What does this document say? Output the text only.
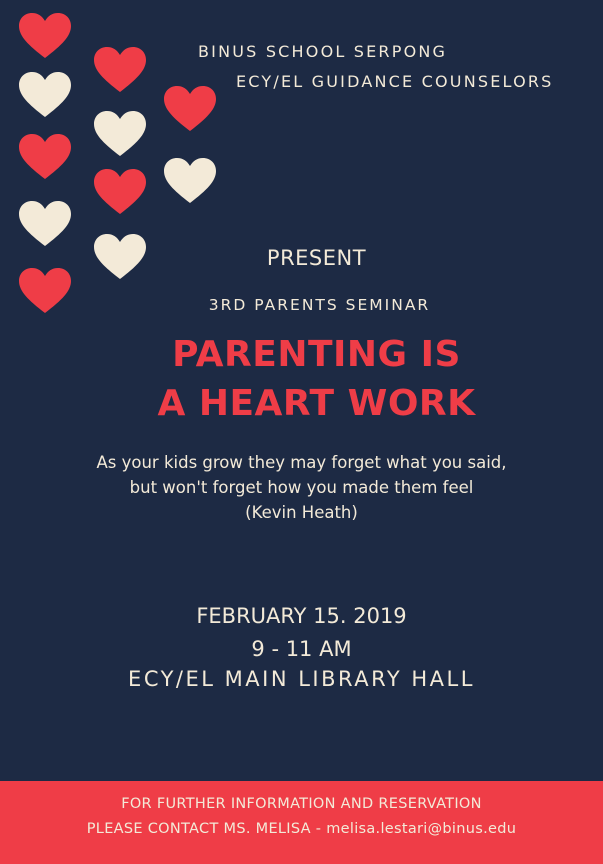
BINUS SCHOOL SERPONG
ECY/EL GUIDANCE COUNSELORS
PRESENT
3RD PARENTS SEMINAR
PARENTING IS
A HEART WORK
As your kids grow they may forget what you said,
but won't forget how you made them feel
(Kevin Heath)
FEBRUARY 15. 2019
9 - 11 AM
ECY/EL MAIN LIBRARY HALL
FOR FURTHER INFORMATION AND RESERVATION
PLEASE CONTACT MS. MELISA - melisa.lestari@binus.edu
